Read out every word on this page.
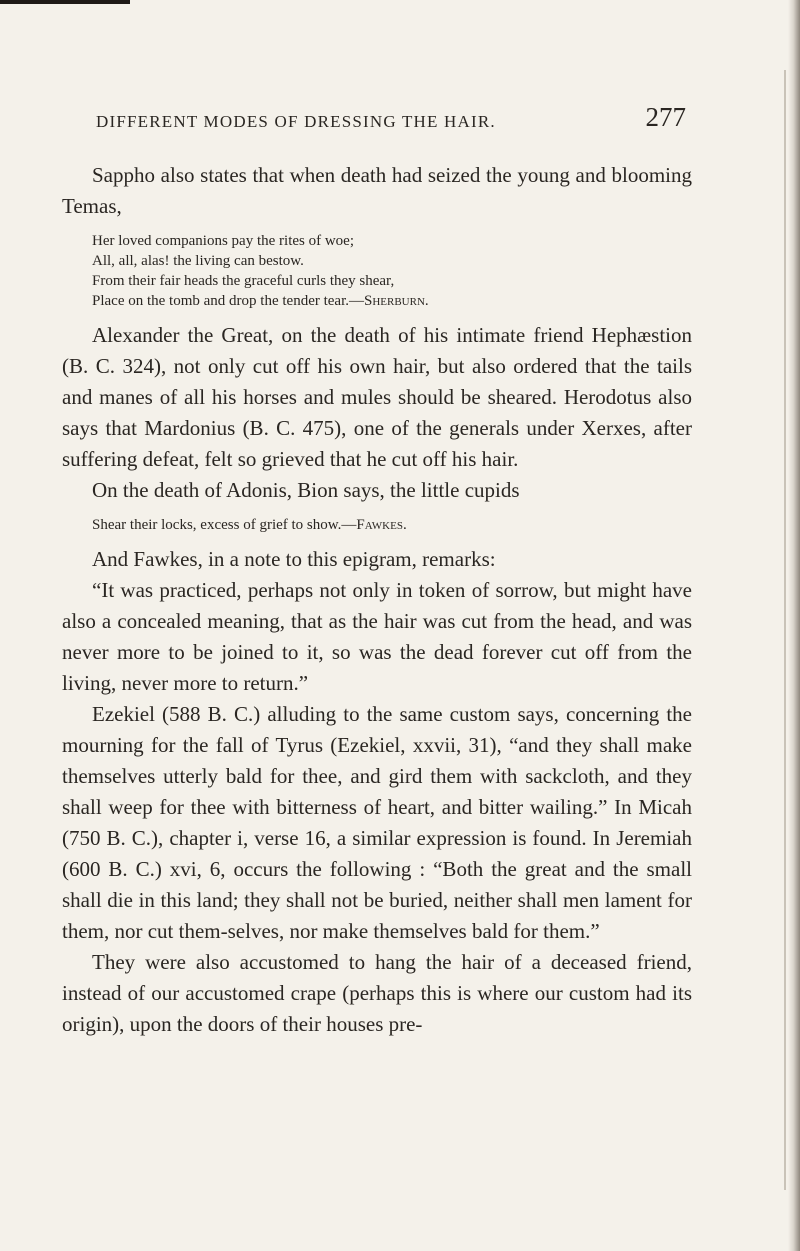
DIFFERENT MODES OF DRESSING THE HAIR.	277

Sappho also states that when death had seized the young and blooming Temas,

Her loved companions pay the rites of woe;
All, all, alas! the living can bestow.
From their fair heads the graceful curls they shear,
Place on the tomb and drop the tender tear.—Sherburn.

Alexander the Great, on the death of his intimate friend Hephæstion (B. C. 324), not only cut off his own hair, but also ordered that the tails and manes of all his horses and mules should be sheared. Herodotus also says that Mardonius (B. C. 475), one of the generals under Xerxes, after suffering defeat, felt so grieved that he cut off his hair.

On the death of Adonis, Bion says, the little cupids

Shear their locks, excess of grief to show.—Fawkes.

And Fawkes, in a note to this epigram, remarks:

“It was practiced, perhaps not only in token of sorrow, but might have also a concealed meaning, that as the hair was cut from the head, and was never more to be joined to it, so was the dead forever cut off from the living, never more to return.”

Ezekiel (588 B. C.) alluding to the same custom says, concerning the mourning for the fall of Tyrus (Ezekiel, xxvii, 31), “and they shall make themselves utterly bald for thee, and gird them with sackcloth, and they shall weep for thee with bitterness of heart, and bitter wailing.” In Micah (750 B. C.), chapter i, verse 16, a similar expression is found. In Jeremiah (600 B. C.) xvi, 6, occurs the following : “Both the great and the small shall die in this land; they shall not be buried, neither shall men lament for them, nor cut them-selves, nor make themselves bald for them.”

They were also accustomed to hang the hair of a deceased friend, instead of our accustomed crape (perhaps this is where our custom had its origin), upon the doors of their houses pre-
